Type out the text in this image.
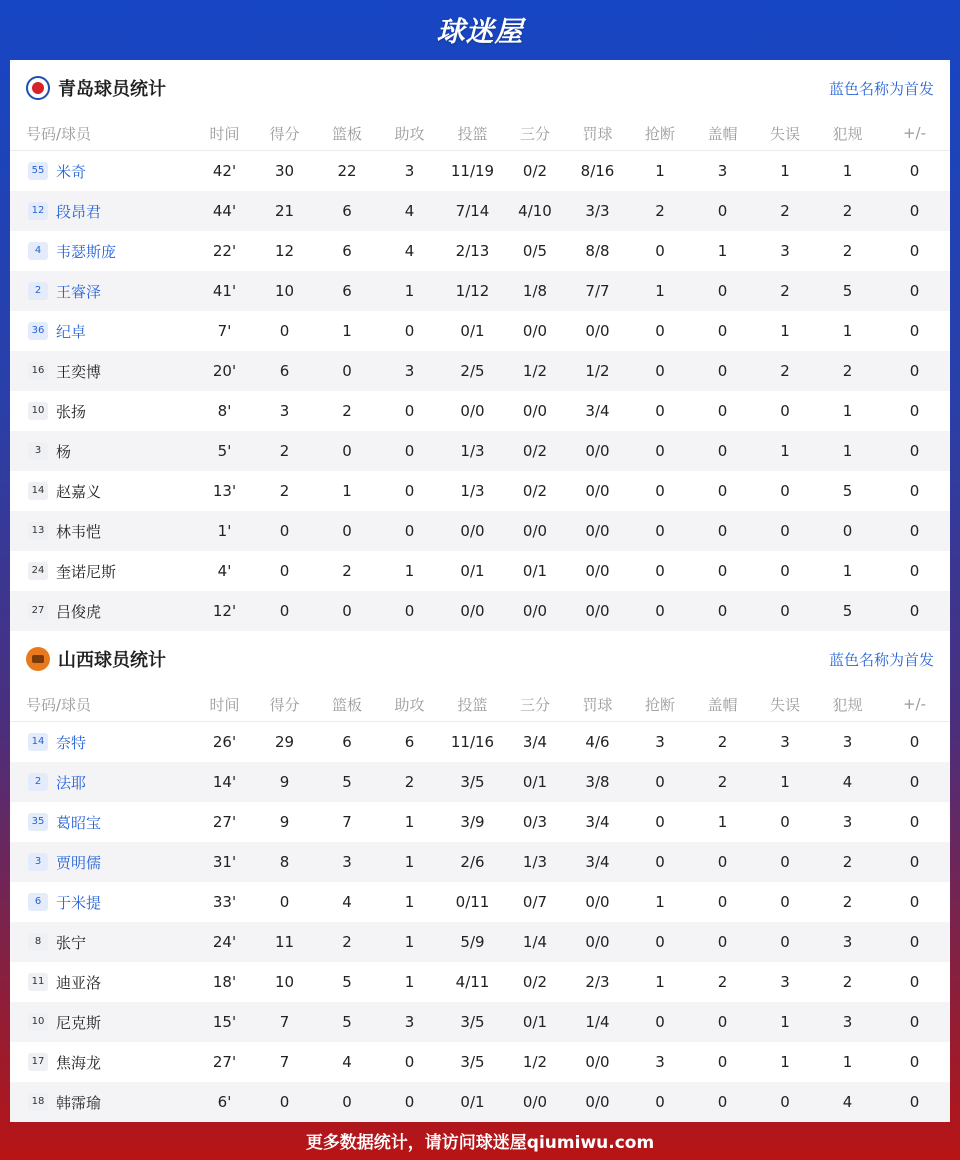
球迷屋
青岛球员统计	蓝色名称为首发
号码/球员	时间	得分	篮板	助攻	投篮	三分	罚球	抢断	盖帽	失误	犯规	+/-
55 米奇	42'	30	22	3	11/19	0/2	8/16	1	3	1	1	0
12 段昂君	44'	21	6	4	7/14	4/10	3/3	2	0	2	2	0
4 韦瑟斯庞	22'	12	6	4	2/13	0/5	8/8	0	1	3	2	0
2 王睿泽	41'	10	6	1	1/12	1/8	7/7	1	0	2	5	0
36 纪卓	7'	0	1	0	0/1	0/0	0/0	0	0	1	1	0
16 王奕博	20'	6	0	3	2/5	1/2	1/2	0	0	2	2	0
10 张扬	8'	3	2	0	0/0	0/0	3/4	0	0	0	1	0
3 杨	5'	2	0	0	1/3	0/2	0/0	0	0	1	1	0
14 赵嘉义	13'	2	1	0	1/3	0/2	0/0	0	0	0	5	0
13 林韦恺	1'	0	0	0	0/0	0/0	0/0	0	0	0	0	0
24 奎诺尼斯	4'	0	2	1	0/1	0/1	0/0	0	0	0	1	0
27 吕俊虎	12'	0	0	0	0/0	0/0	0/0	0	0	0	5	0
山西球员统计	蓝色名称为首发
号码/球员	时间	得分	篮板	助攻	投篮	三分	罚球	抢断	盖帽	失误	犯规	+/-
14 奈特	26'	29	6	6	11/16	3/4	4/6	3	2	3	3	0
2 法耶	14'	9	5	2	3/5	0/1	3/8	0	2	1	4	0
35 葛昭宝	27'	9	7	1	3/9	0/3	3/4	0	1	0	3	0
3 贾明儒	31'	8	3	1	2/6	1/3	3/4	0	0	0	2	0
6 于米提	33'	0	4	1	0/11	0/7	0/0	1	0	0	2	0
8 张宁	24'	11	2	1	5/9	1/4	0/0	0	0	0	3	0
11 迪亚洛	18'	10	5	1	4/11	0/2	2/3	1	2	3	2	0
10 尼克斯	15'	7	5	3	3/5	0/1	1/4	0	0	1	3	0
17 焦海龙	27'	7	4	0	3/5	1/2	0/0	3	0	1	1	0
18 韩霈瑜	6'	0	0	0	0/1	0/0	0/0	0	0	0	4	0
更多数据统计，请访问球迷屋qiumiwu.com
